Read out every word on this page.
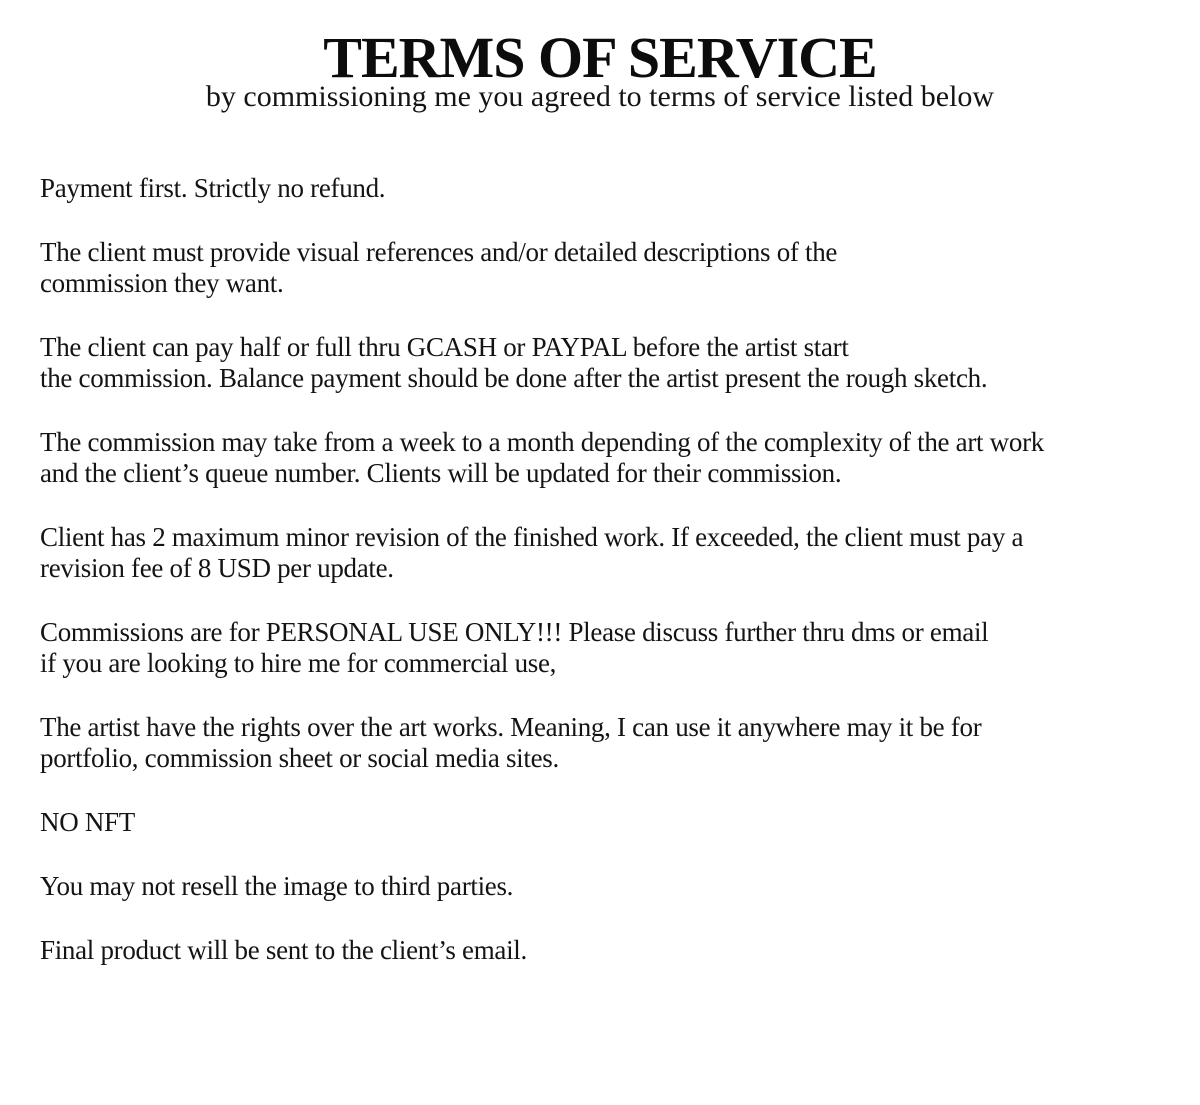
TERMS OF SERVICE

by commissioning me you agreed to terms of service listed below

Payment first. Strictly no refund.
The client must provide visual references and/or detailed descriptions of the
commission they want.
The client can pay half or full thru GCASH or PAYPAL before the artist start
the commission. Balance payment should be done after the artist present the rough sketch.
The commission may take from a week to a month depending of the complexity of the art work
and the client’s queue number. Clients will be updated for their commission.
Client has 2 maximum minor revision of the finished work. If exceeded, the client must pay a
revision fee of 8 USD per update.
Commissions are for PERSONAL USE ONLY!!! Please discuss further thru dms or email
if you are looking to hire me for commercial use,
The artist have the rights over the art works. Meaning, I can use it anywhere may it be for
portfolio, commission sheet or social media sites.
NO NFT
You may not resell the image to third parties.
Final product will be sent to the client’s email.
